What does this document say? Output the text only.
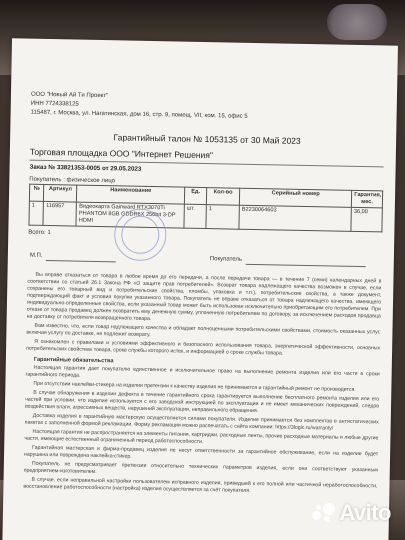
ООО "Новый Ай Ти Проект"
ИНН 7724338125
115487, г. Москва, ул. Нагатинская, дом 16, стр. 9, помещ. VII, ком. 15, офис 5
Гарантийный талон № 1053135 от 30 Май 2023
Торговая площадка ООО "Интернет Решения"
Заказ № 33821353-0005 от 29.05.2023
Покупатель : физическое лицо
№	Артикул	Наименование	Ед.	Кол-во	Серийный номер	Гарантия, мес.
1	116957	Видеокарта Gainward RTX3070Ti PHANTOM 8GB GDDR6X 256bit 3-DP HDMI	шт.	1	B2230064603	36,00
Всего: 1
М.П.
Покупатель

Вы вправе отказаться от товара в любое время до его передачи, а после передачи товара — в течение 7 (семи) календарных дней в соответствии со статьей 26.1 Закона РФ «О защите прав потребителей». Возврат товара надлежащего качества возможен в случае, если сохранены его товарный вид и потребительские свойства, пломбы, упаковка и т.п.), потребительские свойства, а также документ, подтверждающий факт и условия покупки указанного товара. Покупатель не вправе отказаться от товара надлежащего качества, имеющего индивидуально-определенные свойства, если указанный товар может быть использован исключительно приобретающим его потребителем. При отказе от товара продавец должен возвратить ему денежную сумму, уплаченную потребителем по договору, за исключением расходов продавца на доставку от потребителя возвращенного товара.

Вам известно, что, если товар надлежащего качества и обладает полноценными потребительскими свойствами, стоимость оказанных услуг, включая услугу по доставке, не подлежит возврату.

Я ознакомлен с правилами и условиями эффективного и безопасного использования товара, энергетической эффективности, основных потребительских свойствах товара, сроке службы которого истек, и информацией о сроке службы товара.

Гарантийные обязательства

Настоящая гарантия дает покупателю единственное и исключительное право на выполнение ремонта изделия или его части в сроки гарантийного периода.

При отсутствии наклейки-стикера на изделии претензии к качеству изделия не принимаются и гарантийный ремонт не производится.

В случае обнаружения в изделии дефекта в течение гарантийного срока гарантируется выполнение бесплатного ремонта изделия или его частей при условии, что изделие используется с его заводской инструкцией по эксплуатации и не имеет механических повреждений, следов воздействия влаги, агрессивных веществ, нарушений эксплуатации, неправильного обращения.

Доставка изделия в гарантийную мастерскую осуществляется силами покупателя. Изделие принимается без комплектов в антистатических пакетах с заполненной формой рекламации. Форму рекламации можно распечатать с сайта компании: https://3logic.ru/warranty/

Настоящая гарантия не распространяется на элементы питания, картриджи, расходные ленты, прочие расходные материалы и любые другие части, имеющие естественный ограниченный период работоспособности.

Гарантийная мастерская и фирма-продавец изделия не несут ответственности за гарантийное обслуживание, если на изделие будет нарушена или повреждена наклейка-стикер.

Покупатель не предусматривает претензии относительно технических параметров изделия, если они соответствуют указанным предприятием-изготовителем.

В случае, если неправильной настройки пользователем исправного изделия, приведшей к его полной или частичной неработоспособности, восстановление работоспособности (настройка) изделия осуществляется за счёт покупателя.

Avito
